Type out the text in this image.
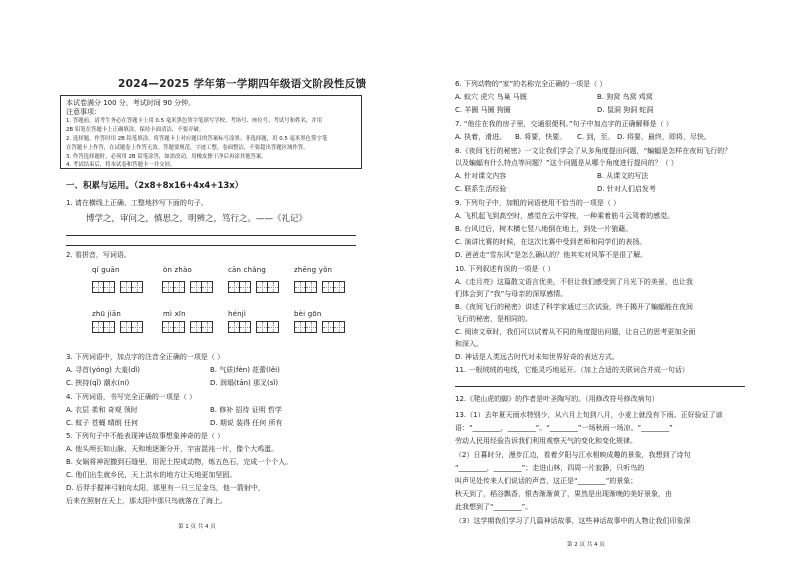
2024—2025 学年第一学期四年级语文阶段性反馈
本试卷满分 100 分，考试时间 90 分钟。
注意事项：
1. 答题前，请考生务必在答题卡上用 0.5 毫米黑色签字笔填写学校、考场号、座位号、考试号和姓名，并用
2B 铅笔在答题卡上正确填涂，保持卡面清洁，不要弄破。
2. 选择题，作答时用 2B 铅笔填涂，将答题卡上对应题目的答案标号涂黑；非选择题，用 0.5 毫米黑色签字笔
在答题卡上作答，在试题卷上作答无效。答题要规范，字迹工整，卷面整洁，不要超出答题区域作答。
3. 作答选择题时，必须用 2B 铅笔涂答，如需改动，用橡皮擦干净后再涂其他答案。
4. 考试结束后，将本试卷和答题卡一并交回。
一、积累与运用。（2x8+8x16+4x4+13x）
1. 请在横线上正确、工整地抄写下面的句子。
博学之，审问之，慎思之，明辨之，笃行之。——《礼记》
2. 看拼音，写词语。
qí guān	òn zhào	cān chǎng	zhēng yǒn
zhū jiān	mì xīn	hénjì	bèi gōn
3. 下列词语中，加点字的注音全正确的一项是（ ）
A. 寻首(yóng) 大羞(dǐ)	B. 气质(fèn) 花蕾(lěi)
C. 挟持(qǐ) 潮水(ní)	D. 润塌(tān) 那叉(sǐ)
4. 下列词语，书写完全正确的一项是（ ）
A. 衣层 柔和 奇观 领时	B. 修补 招待 证明 哲学
C. 蚊子 苍蝇 晴朗 任何	D. 期说 装得 任何 所有
5. 下列句子中不能表现神话故事想象神奇的是（ ）
A. 他头颅长如山脉，天和地逐渐分开，宇宙混沌一片，像个大鸡蛋。
B. 女娲将神泥撒到石缝里，用泥土捏成动物，炼五色石，完成一个个人。
C. 他们出生就乡民，天上洪水的地方让天地更加坚固。
D. 后羿手握神弓射向太阳，那里有一只三足金乌，他一箭射中，
后来在照射在天上，那太阳中那只鸟就落在了海上。
第 1 页 共 4 页
6. 下列动物的“家”的名称完全正确的一项是（ ）
A. 蚁穴 虎穴 鸟巢 马厩	B. 狗窝 鸟窝 鸡窝
C. 羊圈 马圈 狗圈	D. 鼠洞 狗洞 蛇洞
7. “他往在我的房子里，交通很便利。”句子中加点字的正确解释是（ ）
A. 执着，滑进。 B. 将要，快要。 C. 到，至。 D. 将要，最终，即将，尽快。
8.《夜间飞行的秘密》一文让我们学会了从多角度提出问题，“蝙蝠是怎样在夜间飞行的？
以及蝙蝠有什么特点等问题？”这个问题是从哪个角度进行提问的？（ ）
A. 针对课文内容	B. 从课文的写法
C. 联系生活经验	D. 针对人们启发考
9. 下列句子中，加粗的词语使用不恰当的一项是（ ）
A. 飞机起飞到高空时，感觉在云中穿梭，一种乘着筋斗云驾着的感觉。
B. 台风过后，树木横七竖八地倒在地上，到处一片狼藉。
C. 演讲比赛的时候，在这次比赛中受到老师和同学们的表扬。
D. 爸爸走“雪东风”是怎么确认的？他其实对风筝不是很了解。
10. 下列叙述有误的一项是（ ）
A.《走月亮》这篇散文语言优美，不但让我们感受到了月光下的美景，也让我
们体会到了“我”与母亲的深厚感情。
B.《夜间飞行的秘密》讲述了科学家通过三次试验，终于揭开了蝙蝠能在夜间
飞行的秘密，是相同的。
C. 阅读文章时，我们可以试着从不同的角度提出问题，让自己的思考更加全面
和深入。
D. 神话是人类远古时代对未知世界好奇的表达方式。
11. 一根绒绒的电线，它能灵巧地延开。（加上合适的关联词合并成一句话）
12.《爬山虎的脚》的作者是叶圣陶写的。（用修改符号修改病句）
13.（1）去年夏天雨水特别少，从六月上旬到八月，小麦上就没有下雨。正好验证了谚
语：“________，________”。“________”一场秋雨一场凉。“________”
劳动人民用经验告诉我们利用观察天气的变化和变化规律。
（2）日暮时分，漫步江边，看着夕阳与江水相映成趣的景象，我想到了诗句
“________，________”；走进山林，四周一片寂静，只听鸟的
叫声见处传来人们说话的声音，这正是“________”的景象；
秋天到了，稻谷飘香，银杏渐渐黄了，果然是出现渐晚的美好景象，由
此我想到了“________”。
（3）这学期我们学习了几篇神话故事，这些神话故事中的人物让我们印象深
第 2 页 共 4 页
